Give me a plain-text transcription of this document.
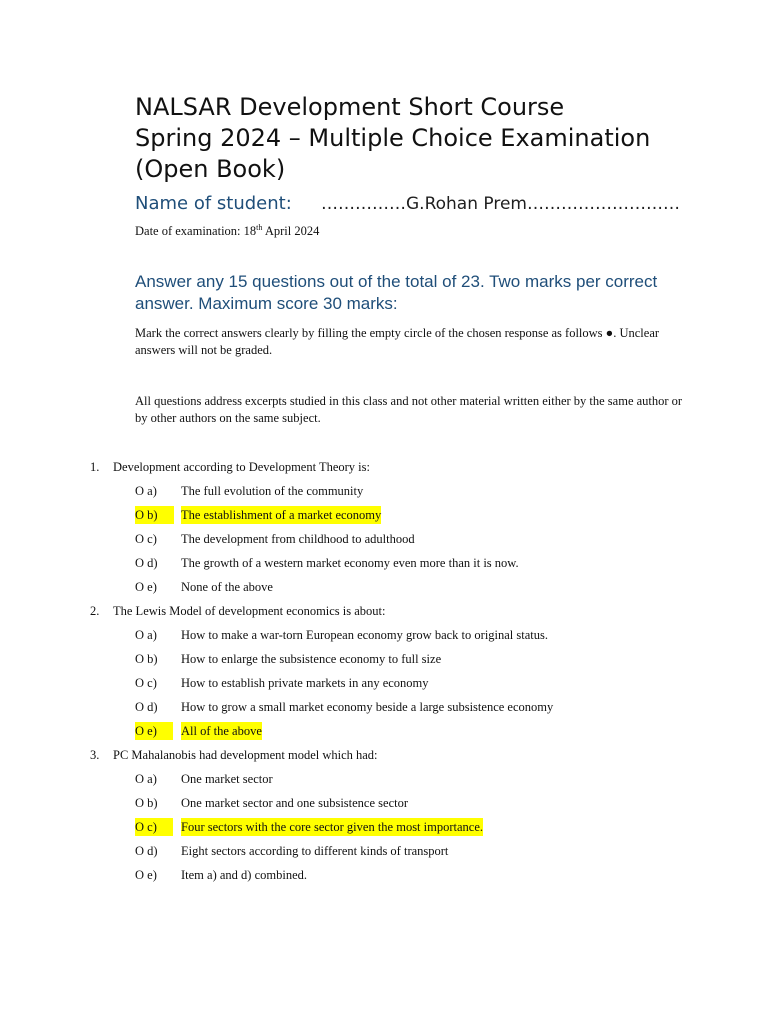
NALSAR Development Short Course
Spring 2024 – Multiple Choice Examination
(Open Book)
Name of student: ……………G.Rohan Prem………………………
Date of examination: 18th April 2024
Answer any 15 questions out of the total of 23. Two marks per correct answer. Maximum score 30 marks:
Mark the correct answers clearly by filling the empty circle of the chosen response as follows ●. Unclear answers will not be graded.
All questions address excerpts studied in this class and not other material written either by the same author or by other authors on the same subject.
1. Development according to Development Theory is:
O a) The full evolution of the community
O b)	The establishment of a market economy
O c) The development from childhood to adulthood
O d) The growth of a western market economy even more than it is now.
O e) None of the above
2. The Lewis Model of development economics is about:
O a) How to make a war-torn European economy grow back to original status.
O b) How to enlarge the subsistence economy to full size
O c) How to establish private markets in any economy
O d) How to grow a small market economy beside a large subsistence economy
O e)	All of the above
3. PC Mahalanobis had development model which had:
O a) One market sector
O b) One market sector and one subsistence sector
O c)	Four sectors with the core sector given the most importance.
O d) Eight sectors according to different kinds of transport
O e) Item a) and d) combined.
